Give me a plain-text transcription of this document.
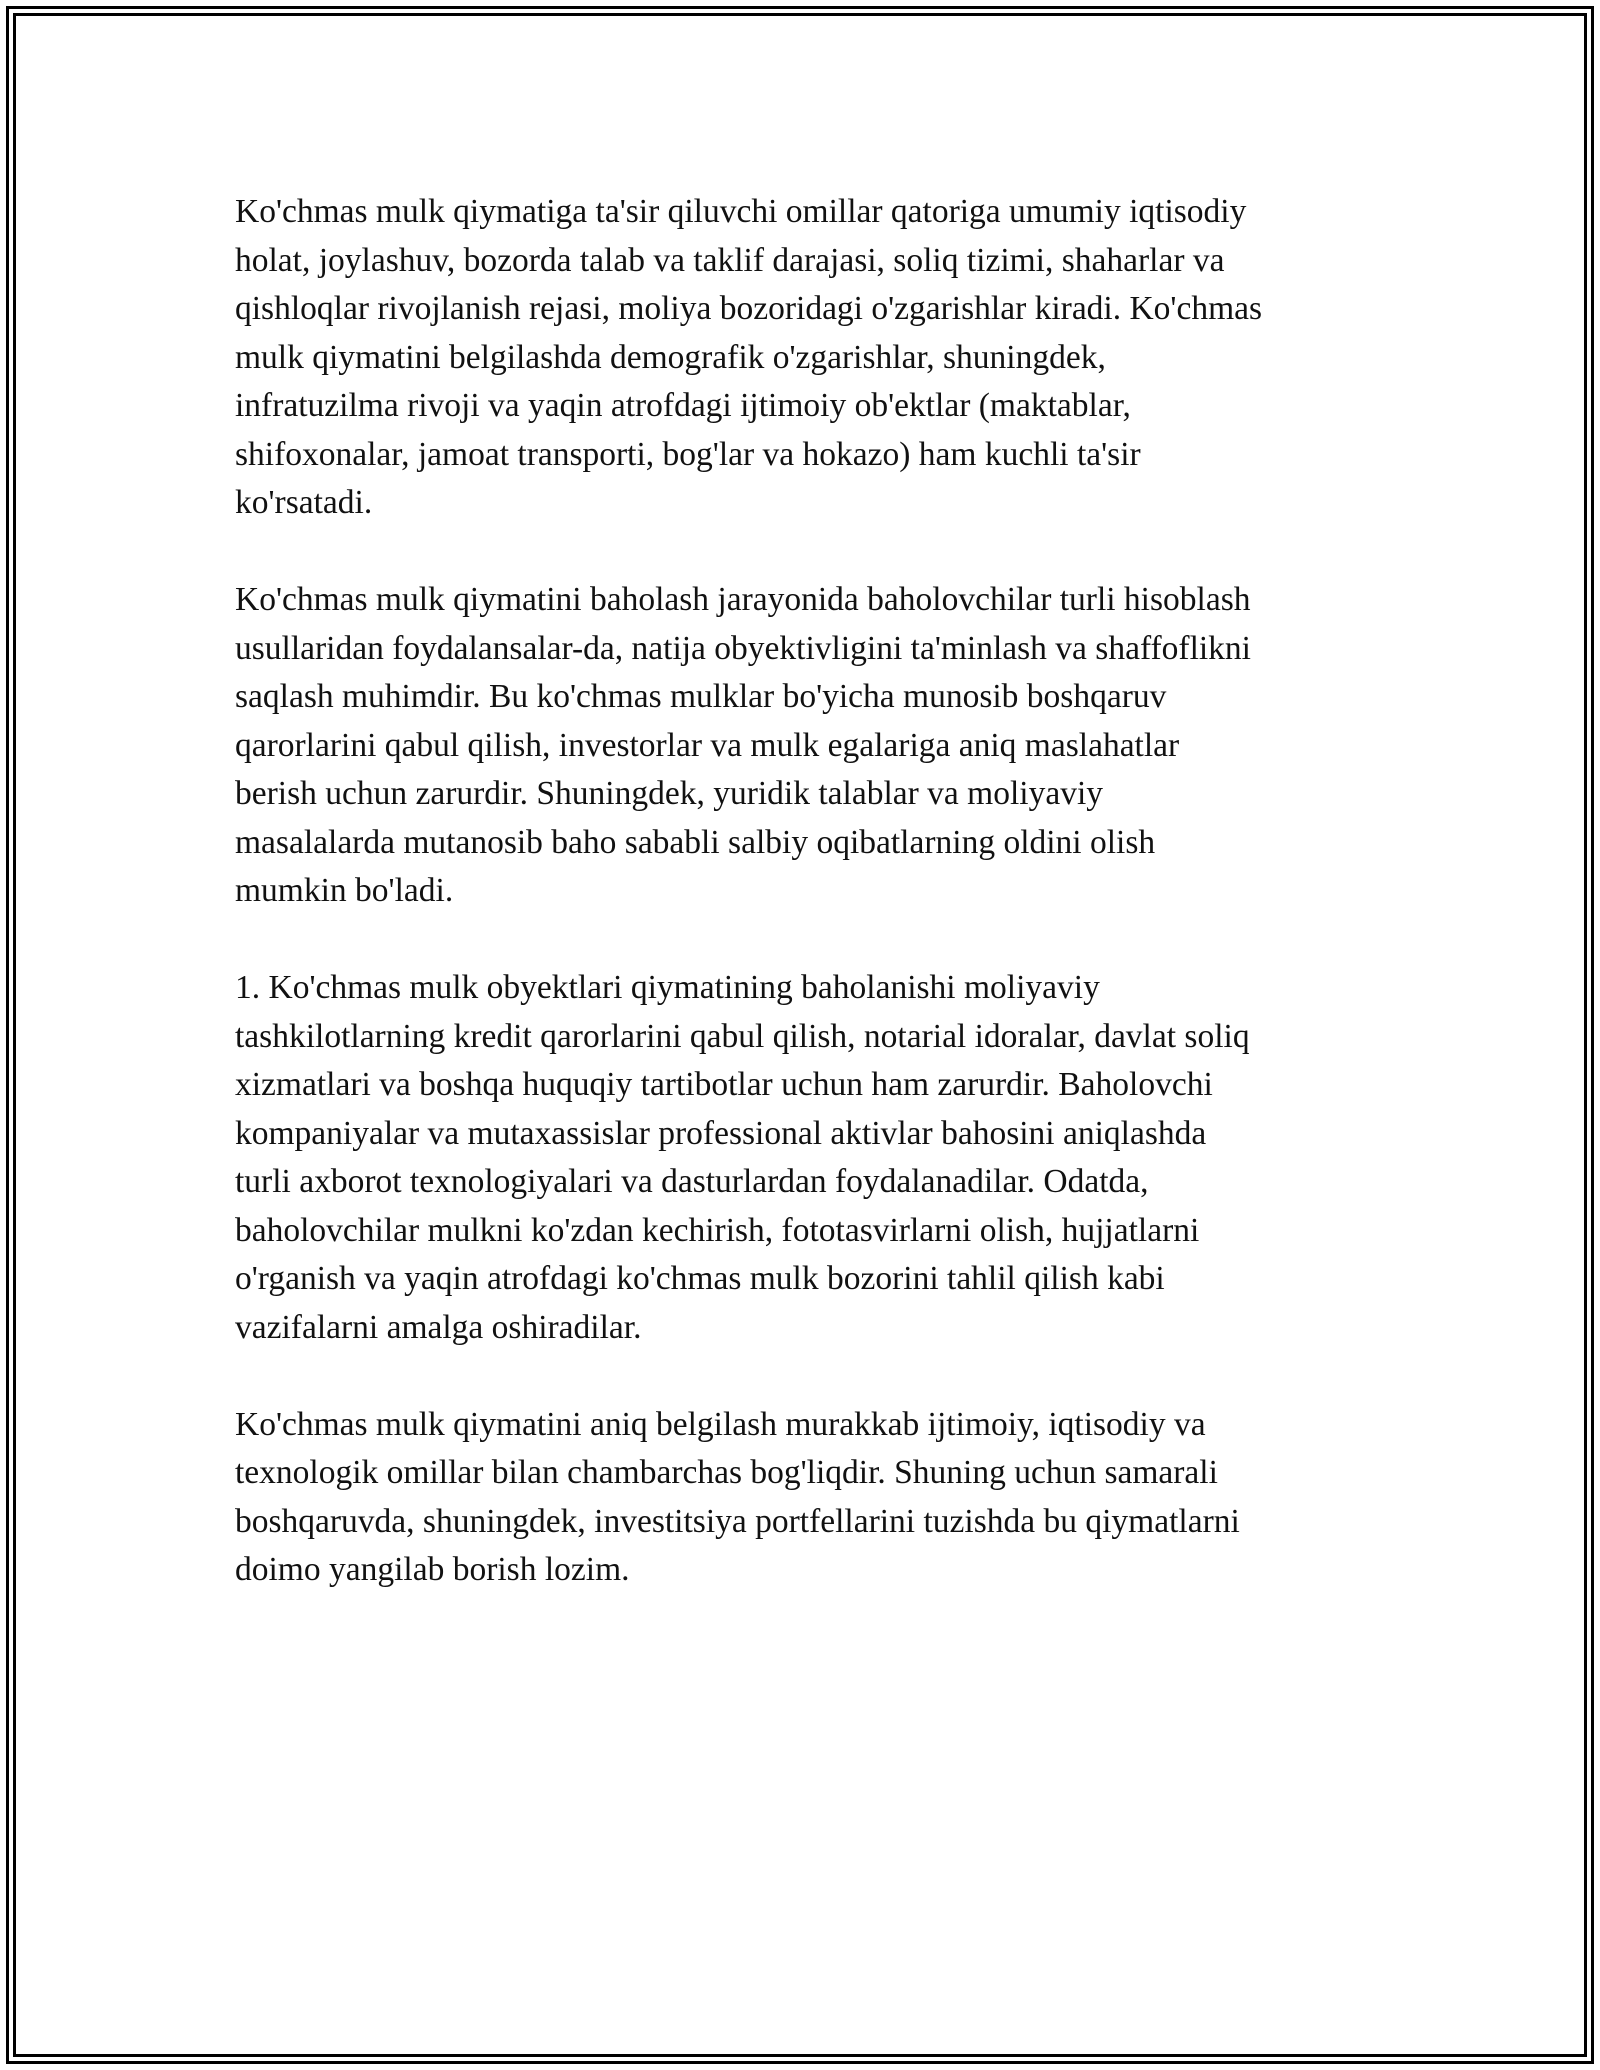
Ko'chmas mulk qiymatiga ta'sir qiluvchi omillar qatoriga umumiy iqtisodiy
holat, joylashuv, bozorda talab va taklif darajasi, soliq tizimi, shaharlar va
qishloqlar rivojlanish rejasi, moliya bozoridagi o'zgarishlar kiradi. Ko'chmas
mulk qiymatini belgilashda demografik o'zgarishlar, shuningdek,
infratuzilma rivoji va yaqin atrofdagi ijtimoiy ob'ektlar (maktablar,
shifoxonalar, jamoat transporti, bog'lar va hokazo) ham kuchli ta'sir
ko'rsatadi.

Ko'chmas mulk qiymatini baholash jarayonida baholovchilar turli hisoblash
usullaridan foydalansalar-da, natija obyektivligini ta'minlash va shaffoflikni
saqlash muhimdir. Bu ko'chmas mulklar bo'yicha munosib boshqaruv
qarorlarini qabul qilish, investorlar va mulk egalariga aniq maslahatlar
berish uchun zarurdir. Shuningdek, yuridik talablar va moliyaviy
masalalarda mutanosib baho sababli salbiy oqibatlarning oldini olish
mumkin bo'ladi.

1. Ko'chmas mulk obyektlari qiymatining baholanishi moliyaviy
tashkilotlarning kredit qarorlarini qabul qilish, notarial idoralar, davlat soliq
xizmatlari va boshqa huquqiy tartibotlar uchun ham zarurdir. Baholovchi
kompaniyalar va mutaxassislar professional aktivlar bahosini aniqlashda
turli axborot texnologiyalari va dasturlardan foydalanadilar. Odatda,
baholovchilar mulkni ko'zdan kechirish, fototasvirlarni olish, hujjatlarni
o'rganish va yaqin atrofdagi ko'chmas mulk bozorini tahlil qilish kabi
vazifalarni amalga oshiradilar.

Ko'chmas mulk qiymatini aniq belgilash murakkab ijtimoiy, iqtisodiy va
texnologik omillar bilan chambarchas bog'liqdir. Shuning uchun samarali
boshqaruvda, shuningdek, investitsiya portfellarini tuzishda bu qiymatlarni
doimo yangilab borish lozim.
